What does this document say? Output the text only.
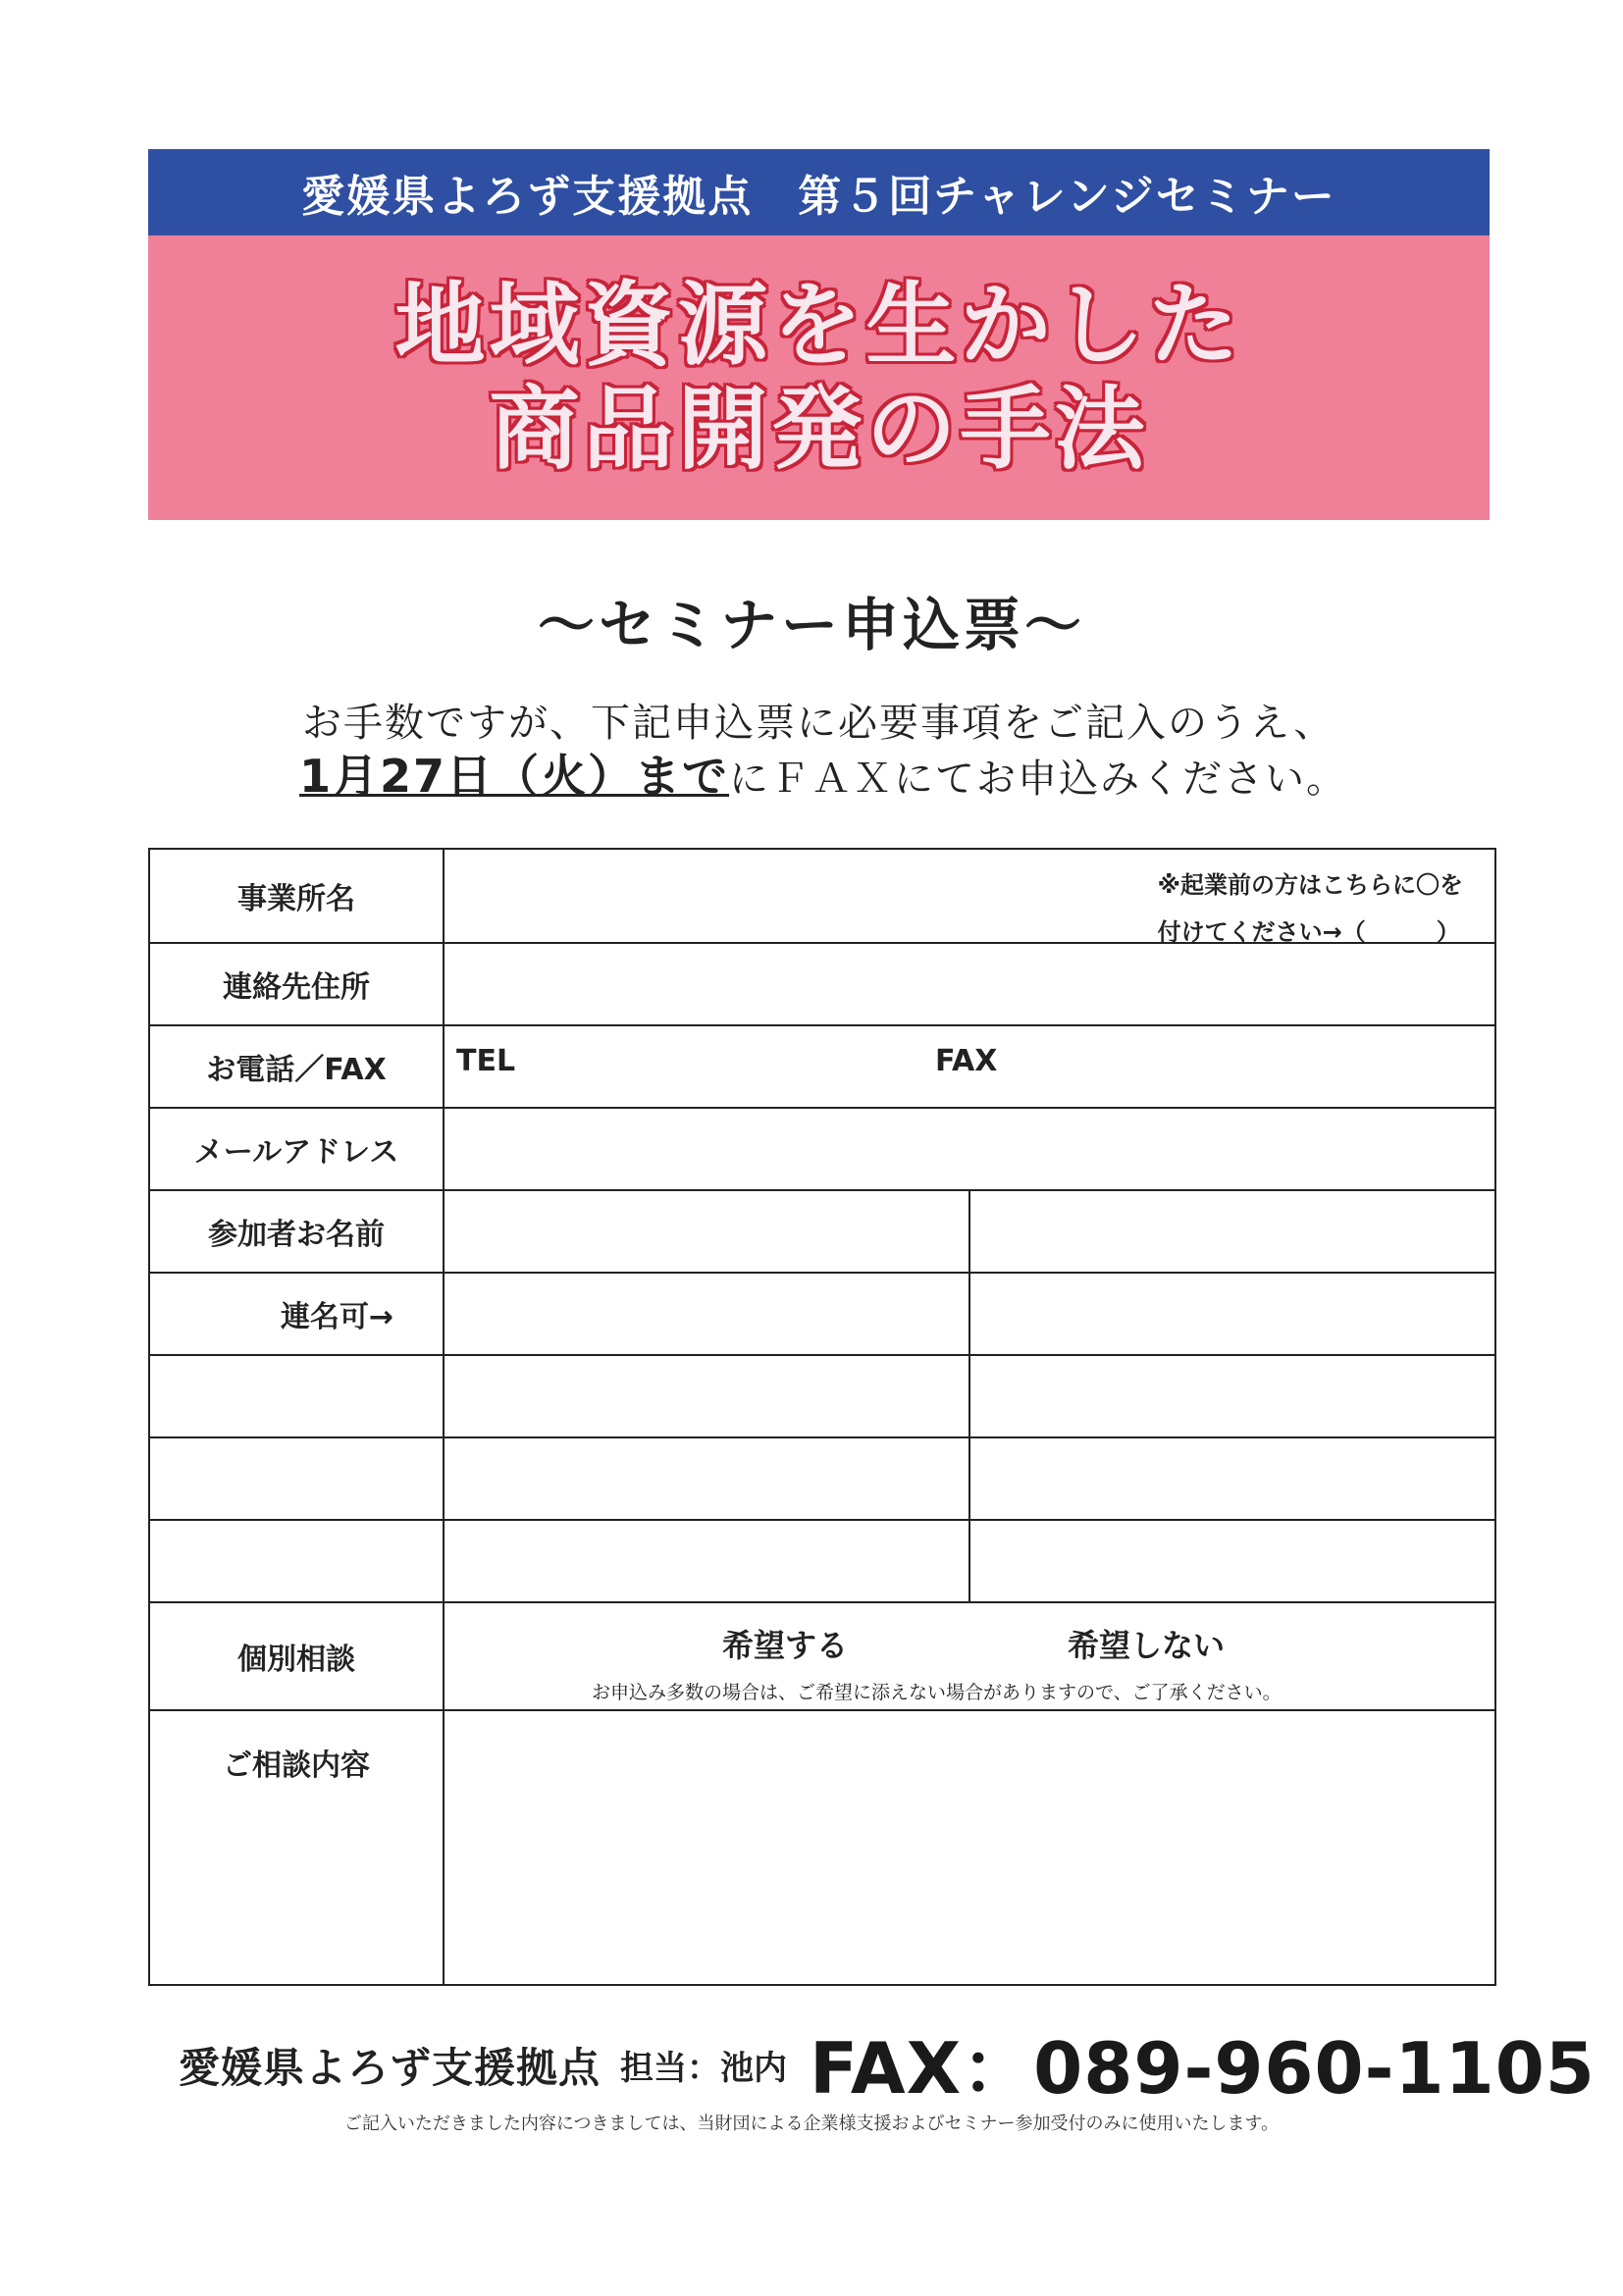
愛媛県よろず支援拠点　第５回チャレンジセミナー
地域資源を生かした
商品開発の手法
～セミナー申込票～
お手数ですが、下記申込票に必要事項をご記入のうえ、
1月27日（火）までにＦＡＸにてお申込みください。
事業所名	※起業前の方はこちらに〇を
付けてください→（　　　）	

連絡先住所		
お電話／FAX	TEL FAX	

メールアドレス		
参加者お名前		
連名可→		

個別相談	希望する 希望しない
お申込み多数の場合は、ご希望に添えない場合がありますので、ご了承ください。	

ご相談内容		
愛媛県よろず支援拠点 担当：池内 FAX：089-960-1105
ご記入いただきました内容につきましては、当財団による企業様支援およびセミナー参加受付のみに使用いたします。
